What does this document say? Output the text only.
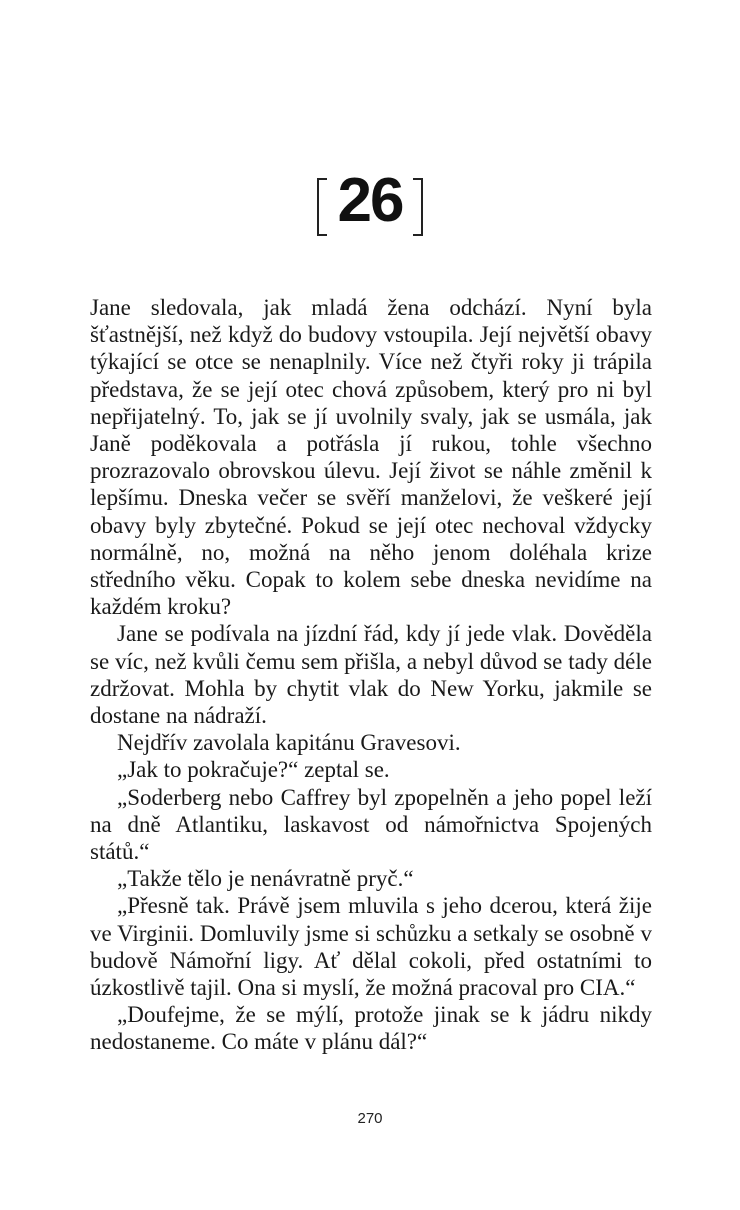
26

Jane sledovala, jak mladá žena odchází. Nyní byla šťastnější, než když do budovy vstoupila. Její největší obavy týkající se otce se nenaplnily. Více než čtyři roky ji trápila představa, že se její otec chová způsobem, který pro ni byl nepřijatelný. To, jak se jí uvolnily svaly, jak se usmála, jak Janě poděkovala a potřásla jí rukou, tohle všechno prozrazovalo obrovskou úlevu. Její život se náhle změnil k lepšímu. Dneska večer se svěří manželovi, že veškeré její obavy byly zbytečné. Pokud se její otec nechoval vždycky normálně, no, možná na něho jenom doléhala krize středního věku. Copak to kolem sebe dneska nevidíme na každém kroku?

Jane se podívala na jízdní řád, kdy jí jede vlak. Dověděla se víc, než kvůli čemu sem přišla, a nebyl důvod se tady déle zdržovat. Mohla by chytit vlak do New Yorku, jakmile se dostane na nádraží.

Nejdřív zavolala kapitánu Gravesovi.

„Jak to pokračuje?“ zeptal se.

„Soderberg nebo Caffrey byl zpopelněn a jeho popel leží na dně Atlantiku, laskavost od námořnictva Spojených států.“

„Takže tělo je nenávratně pryč.“

„Přesně tak. Právě jsem mluvila s jeho dcerou, která žije ve Virginii. Domluvily jsme si schůzku a setkaly se osobně v budově Námořní ligy. Ať dělal cokoli, před ostatními to úzkostlivě tajil. Ona si myslí, že možná pracoval pro CIA.“

„Doufejme, že se mýlí, protože jinak se k jádru nikdy nedostaneme. Co máte v plánu dál?“

270
